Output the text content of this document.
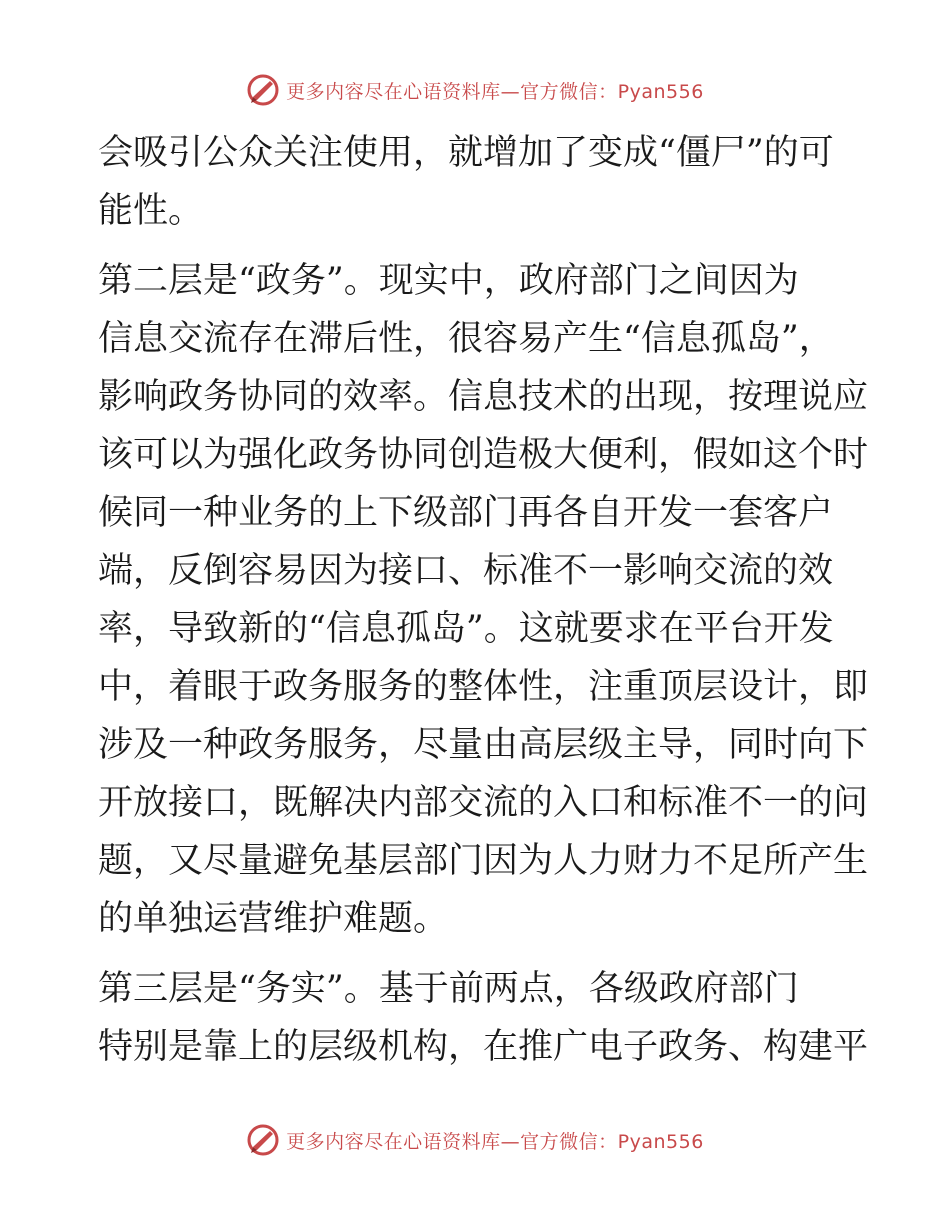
更多内容尽在心语资料库—官方微信：Pyan556
会吸引公众关注使用，就增加了变成“僵尸”的可
能性。
第二层是“政务”。现实中，政府部门之间因为
信息交流存在滞后性，很容易产生“信息孤岛”，
影响政务协同的效率。信息技术的出现，按理说应
该可以为强化政务协同创造极大便利，假如这个时
候同一种业务的上下级部门再各自开发一套客户
端，反倒容易因为接口、标准不一影响交流的效
率，导致新的“信息孤岛”。这就要求在平台开发
中，着眼于政务服务的整体性，注重顶层设计，即
涉及一种政务服务，尽量由高层级主导，同时向下
开放接口，既解决内部交流的入口和标准不一的问
题，又尽量避免基层部门因为人力财力不足所产生
的单独运营维护难题。
第三层是“务实”。基于前两点，各级政府部门
特别是靠上的层级机构，在推广电子政务、构建平
更多内容尽在心语资料库—官方微信：Pyan556
